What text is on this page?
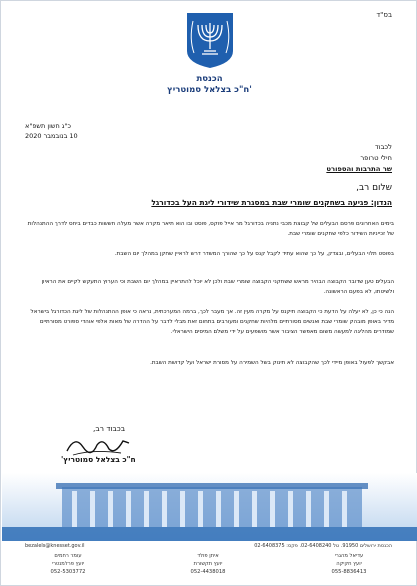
בס"ד
הכנסת
ח"כ בצלאל סמוטריץ'
כ"ג חשון תשפ"א
10 בנובמבר 2020
לכבוד
חילי טרופר
שר התרבות והספורט
שלום רב,
הנדון: פגיעה בשחקנים שומרי שבת במסגרת שידורי ליגת העל בכדורגל
בימים האחרונים פרסם הבעלים של קבוצת מכבי נתניה בכדורגל מר אייל פוקס, פוסט ובו הוא תיאר מקרה אשר מעלה חששות כבדים ביחס לדרך ההתנהלות של זכייניות השידור כלפי שחקנים שומרי שבת.
בפוסט תלוי הבעלים, ובצדק, על כך שהוא עתיד לקבל קנס על כך שהורך המשדר דרש לראיין שחקן במהלך יום השבת.
הבעלים טען שדובר הקבוצה הבהיר מראש ששחקני הקבוצה שומרי שבת ולכן לא יוכל להתראיין במהלך יום השבת וכי הערוץ התעקש לקיים את הראיון ולשיטתו, לא בפעם הראשונה.
הנה כי כן, לא יעלה על הדעת כי הקבוצה תיקנס על מקרה מעין זה. אך מעבר לכך, ברמה המערכתית, נראה כי אופן ההתנהלות של ליגת הכדורגל בישראל מדיר באופן מובהק שומרי שבת ואנשים מסורתיים מלהיות שחקנים ומעורבים בתחום זאת מבלי לדבר על ההדרה של מאות אלפי אוהדי ספורט מסורתיים שמודרים מהליגה למעשה משום מאפשר הציבור אשר מושפעים על ידי משלם המיסים הישראלי.
אבקשך לפעול באופן מיידי לכך שהקבוצה לא תינוק בשל השמירה על מסורת ישראל ועל קדושת השבת.
בכבוד רב,
ח"כ בצלאל סמוטריץ'
bezalels@knesset.gov.il	הכנסת ירושלים 91950. טל 02-6408240. פקס: 02-6408375
עדיאל מהגרי
יועץ חקיקה
055-8836413
איתן פולד
יועץ תקשורת
052-4438018
עומר רחמים
יועץ פרלמנטרי
052-5303772
